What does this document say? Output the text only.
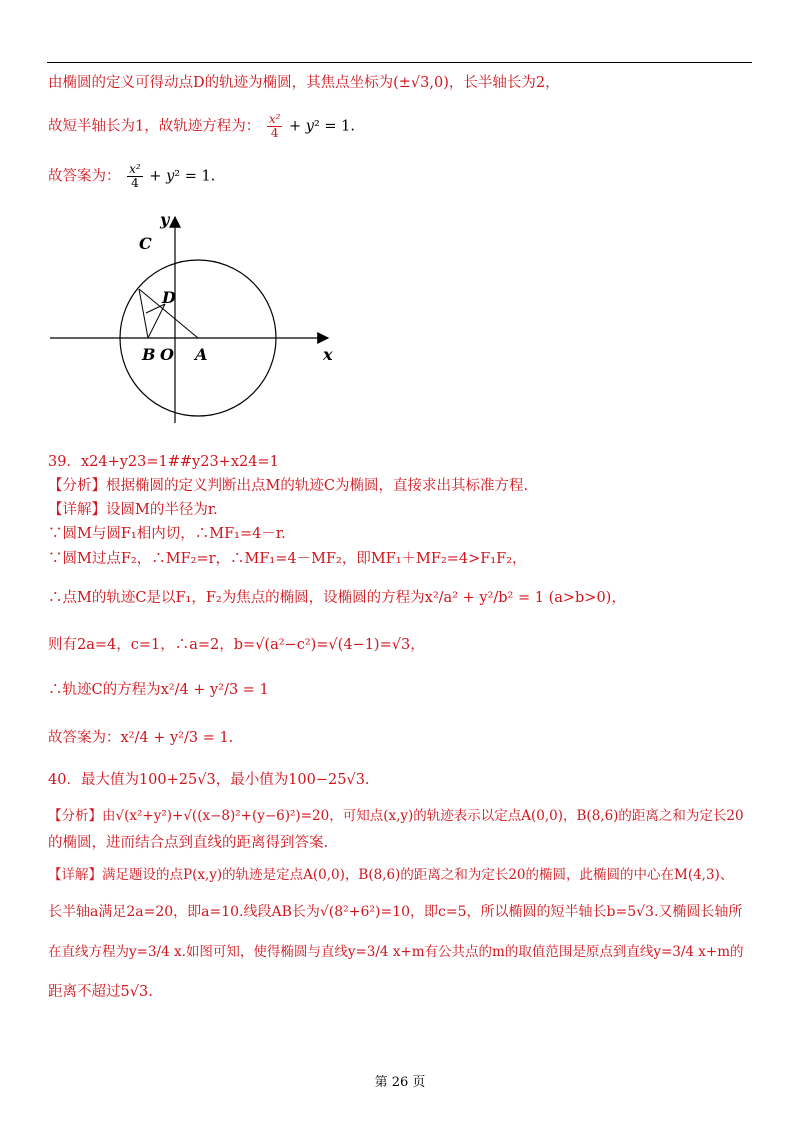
由椭圆的定义可得动点D的轨迹为椭圆，其焦点坐标为(±√3,0)，长半轴长为2，
故短半轴长为1，故轨迹方程为： $\frac{\text{x²}}{4} + y^2 = 1$.
故答案为： $\frac{\text{x²}}{4} + y^2 = 1$.
y
x
C
D
B O A
39．x24+y23=1##y23+x24=1
【分析】根据椭圆的定义判断出点M的轨迹C为椭圆，直接求出其标准方程.
【详解】设圆M的半径为r.
∵圆M与圆F₁相内切，∴MF₁=4－r.
∵圆M过点F₂，∴MF₂=r，∴MF₁=4－MF₂，即MF₁＋MF₂=4>F₁F₂，
∴点M的轨迹C是以F₁，F₂为焦点的椭圆，设椭圆的方程为x²/a² + y²/b² = 1 (a>b>0)，
则有2a=4，c=1，∴a=2，b=√(a²−c²)=√(4−1)=√3，
∴轨迹C的方程为x²/4 + y²/3 = 1
故答案为：x²/4 + y²/3 = 1.
40．最大值为100+25√3，最小值为100−25√3.
【分析】由√(x²+y²)+√((x−8)²+(y−6)²)=20，可知点(x,y)的轨迹表示以定点A(0,0)，B(8,6)的距离之和为定长20
的椭圆，进而结合点到直线的距离得到答案.
【详解】满足题设的点P(x,y)的轨迹是定点A(0,0)，B(8,6)的距离之和为定长20的椭圆，此椭圆的中心在M(4,3)、
长半轴a满足2a=20，即a=10.线段AB长为√(8²+6²)=10，即c=5，所以椭圆的短半轴长b=5√3.又椭圆长轴所
在直线方程为y=3/4 x.如图可知，使得椭圆与直线y=3/4 x+m有公共点的m的取值范围是原点到直线y=3/4 x+m的
距离不超过5√3.
第 26 页
